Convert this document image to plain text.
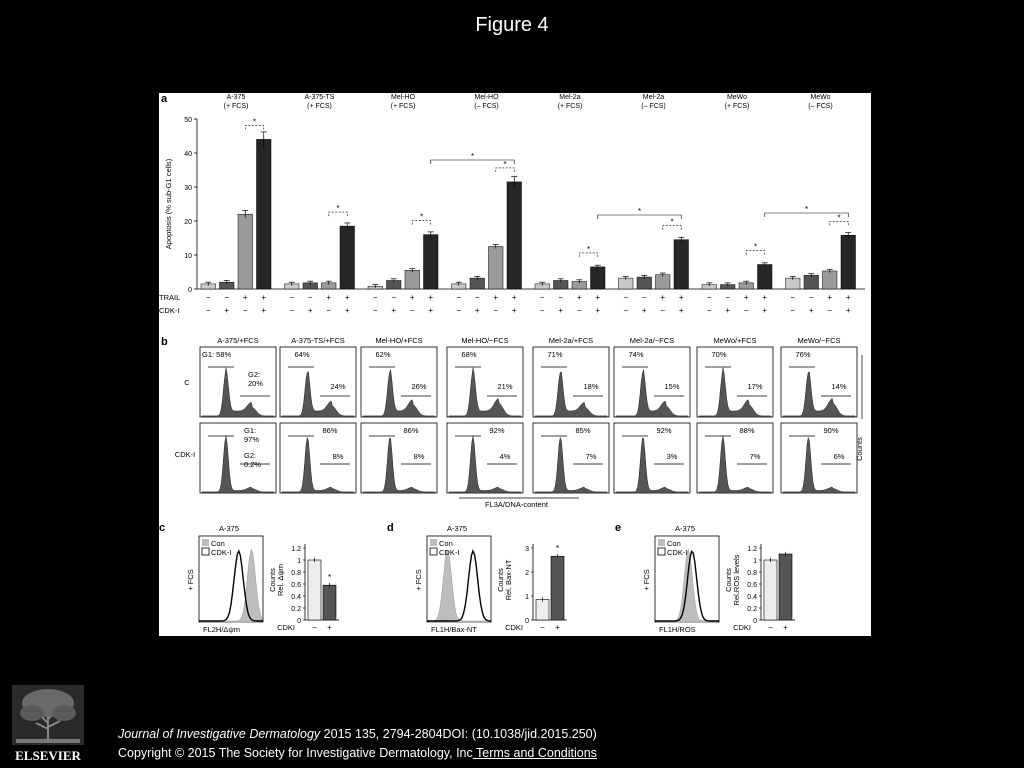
Figure 4
a
0
10
20
30
40
50
Apoptosis (% sub-G1 cells)
A-375
(+ FCS)
−
−
−
+
+
−
+
+
*
A-375-TS
(+ FCS)
−
−
−
+
+
−
+
+
*
Mel-HO
(+ FCS)
−
−
−
+
+
−
+
+
*
Mel-HO
(– FCS)
−
−
−
+
+
−
+
+
*
Mel-2a
(+ FCS)
−
−
−
+
+
−
+
+
*
Mel-2a
(– FCS)
−
−
−
+
+
−
+
+
*
MeWo
(+ FCS)
−
−
−
+
+
−
+
+
*
MeWo
(– FCS)
−
−
−
+
+
−
+
+
*
*
*	*
TRAIL
CDK-I
b	A-375/+FCS
G1: 58%
G2:
20%
G1:
97%
G2:
0.2%
A-375-TS/+FCS
64%
24%
86%
8%
Mel-HO/+FCS
62%
26%
86%
8%
Mel-HO/−FCS
68%
21%
92%
4%
Mel-2a/+FCS
71%
18%
85%
7%
Mel-2a/−FCS
74%
15%
92%
3%
MeWo/+FCS
70%
17%
88%
7%
MeWo/−FCS
76%
14%
90%
6%
C
CDK-I
FL3A/DNA-content
Counts
c	A-375
Con
CDK-I
+ FCS
FL2H/Δψm
Counts
0
0.2
0.4
0.6
0.8
1
1.2
Rel. Δψm
− +
*
CDKI
d	A-375
Con
CDK-I
+ FCS
FL1H/Bax-NT
Counts
0
1
2
3
Rel. Bax-NT
− +
*
CDKI
e	A-375
Con
CDK-I
+ FCS
FL1H/ROS
Counts
0
0.2
0.4
0.6
0.8
1
1.2
Rel.ROS levels
− +
CDKI
ELSEVIER
Journal of Investigative Dermatology 2015 135, 2794-2804DOI: (10.1038/jid.2015.250)
Copyright © 2015 The Society for Investigative Dermatology, Inc Terms and Conditions
